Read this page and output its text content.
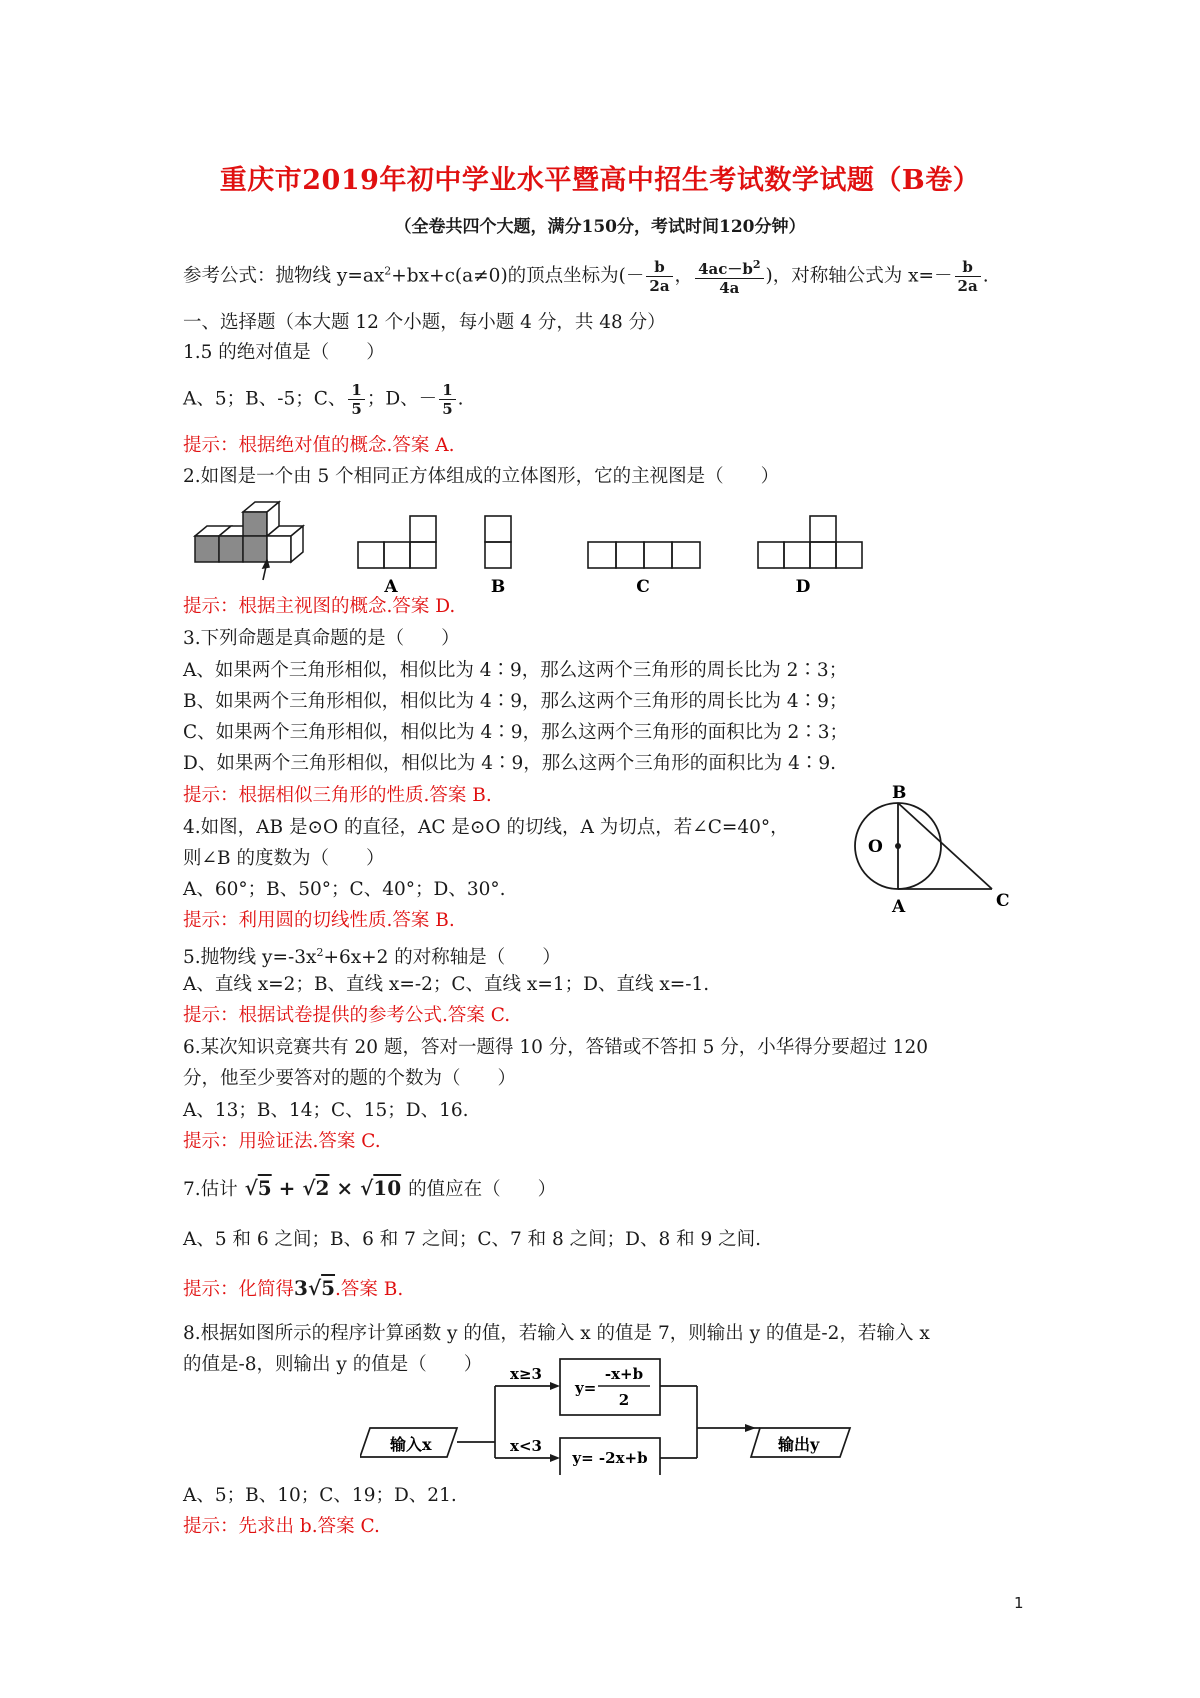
重庆市2019年初中学业水平暨高中招生考试数学试题（B卷）
（全卷共四个大题，满分150分，考试时间120分钟）
参考公式：抛物线 $y=ax^2+bx+c(a\ne 0)$的顶点坐标为(－ $\frac{b}{2a}$ ， $\frac{4ac-b^2}{4a}$ )，对称轴公式为 $x=- \frac{b}{2a}$ .
一、选择题（本大题 12 个小题，每小题 4 分，共 48 分）
1.5 的绝对值是（　　）
A、5；B、-5；C、 $\frac{1}{5}$ ；D、－ $\frac{1}{5}$ .
提示：根据绝对值的概念.答案 A.
2.如图是一个由 5 个相同正方体组成的立体图形，它的主视图是（　　）
A	B	C	D
提示：根据主视图的概念.答案 D.
3.下列命题是真命题的是（　　）
A、如果两个三角形相似，相似比为 4∶9，那么这两个三角形的周长比为 2∶3；
B、如果两个三角形相似，相似比为 4∶9，那么这两个三角形的周长比为 4∶9；
C、如果两个三角形相似，相似比为 4∶9，那么这两个三角形的面积比为 2∶3；
D、如果两个三角形相似，相似比为 4∶9，那么这两个三角形的面积比为 4∶9.
提示：根据相似三角形的性质.答案 B.
4.如图，AB 是⊙O 的直径，AC 是⊙O 的切线，A 为切点，若∠C=40°，
则∠B 的度数为（　　）
A、60°；B、50°；C、40°；D、30°.
提示：利用圆的切线性质.答案 B.
B
O
A	C
5.抛物线 $y=-3x^2+6x+2$ 的对称轴是（　　）
A、直线 x=2；B、直线 x=-2；C、直线 x=1；D、直线 x=-1.
提示：根据试卷提供的参考公式.答案 C.
6.某次知识竞赛共有 20 题，答对一题得 10 分，答错或不答扣 5 分，小华得分要超过 120
分，他至少要答对的题的个数为（　　）
A、13；B、14；C、15；D、16.
提示：用验证法.答案 C.
7.估计 √5 + √2 × √10 的值应在（　　）
A、5 和 6 之间；B、6 和 7 之间；C、7 和 8 之间；D、8 和 9 之间.
提示：化简得3√5.答案 B.
8.根据如图所示的程序计算函数 y 的值，若输入 x 的值是 7，则输出 y 的值是-2，若输入 x
的值是-8，则输出 y 的值是（　　）
输入x	输出y
x≥3
x<3
y=
-x+b
2
y= -2x+b
A、5；B、10；C、19；D、21.
提示：先求出 b.答案 C.
1
